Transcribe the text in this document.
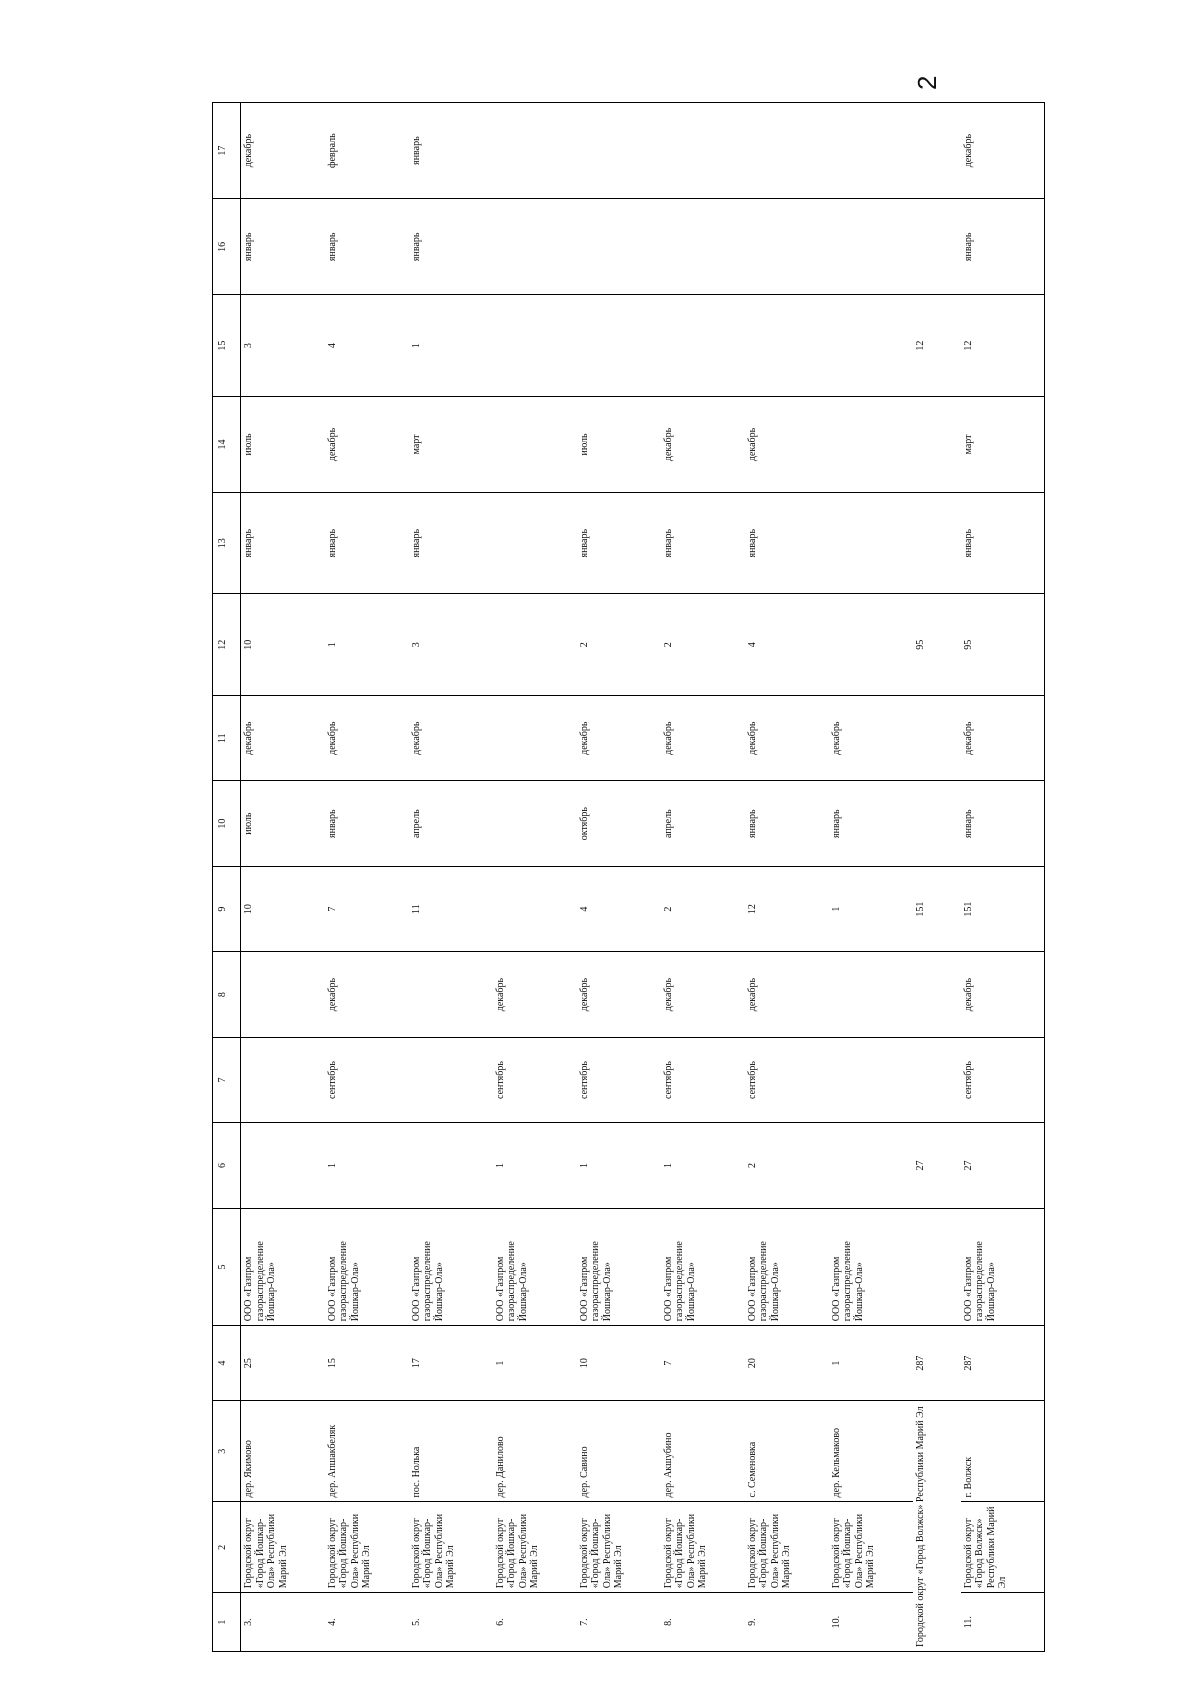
2
1	2	3	4	5	6	7	8	9	10	11	12	13	14	15	16	17
3.	Городской округ «Город Йошкар-Ола» Республики Марий Эл	дер. Якимово	25	ООО «Газпром газораспределение Йошкар-Ола»				10	июль	декабрь	10	январь	июль	3	январь	декабрь
4.	Городской округ «Город Йошкар-Ола» Республики Марий Эл	дер. Апшакбеляк	15	ООО «Газпром газораспределение Йошкар-Ола»	1	сентябрь	декабрь	7	январь	декабрь	1	январь	декабрь	4	январь	февраль
5.	Городской округ «Город Йошкар-Ола» Республики Марий Эл	пос. Нолька	17	ООО «Газпром газораспределение Йошкар-Ола»				11	апрель	декабрь	3	январь	март	1	январь	январь
6.	Городской округ «Город Йошкар-Ола» Республики Марий Эл	дер. Данилово	1	ООО «Газпром газораспределение Йошкар-Ола»	1	сентябрь	декабрь									
7.	Городской округ «Город Йошкар-Ола» Республики Марий Эл	дер. Савино	10	ООО «Газпром газораспределение Йошкар-Ола»	1	сентябрь	декабрь	4	октябрь	декабрь	2	январь	июль			
8.	Городской округ «Город Йошкар-Ола» Республики Марий Эл	дер. Акшубино	7	ООО «Газпром газораспределение Йошкар-Ола»	1	сентябрь	декабрь	2	апрель	декабрь	2	январь	декабрь			
9.	Городской округ «Город Йошкар-Ола» Республики Марий Эл	с. Семеновка	20	ООО «Газпром газораспределение Йошкар-Ола»	2	сентябрь	декабрь	12	январь	декабрь	4	январь	декабрь			
10.	Городской округ «Город Йошкар-Ола» Республики Марий Эл	дер. Кельмаково	1	ООО «Газпром газораспределение Йошкар-Ола»				1	январь	декабрь						
Городской округ «Город Волжск» Республики Марий Эл			287		27			151			95			12		
11.	Городской округ «Город Волжск» Республики Марий Эл	г. Волжск	287	ООО «Газпром газораспределение Йошкар-Ола»	27	сентябрь	декабрь	151	январь	декабрь	95	январь	март	12	январь	декабрь
